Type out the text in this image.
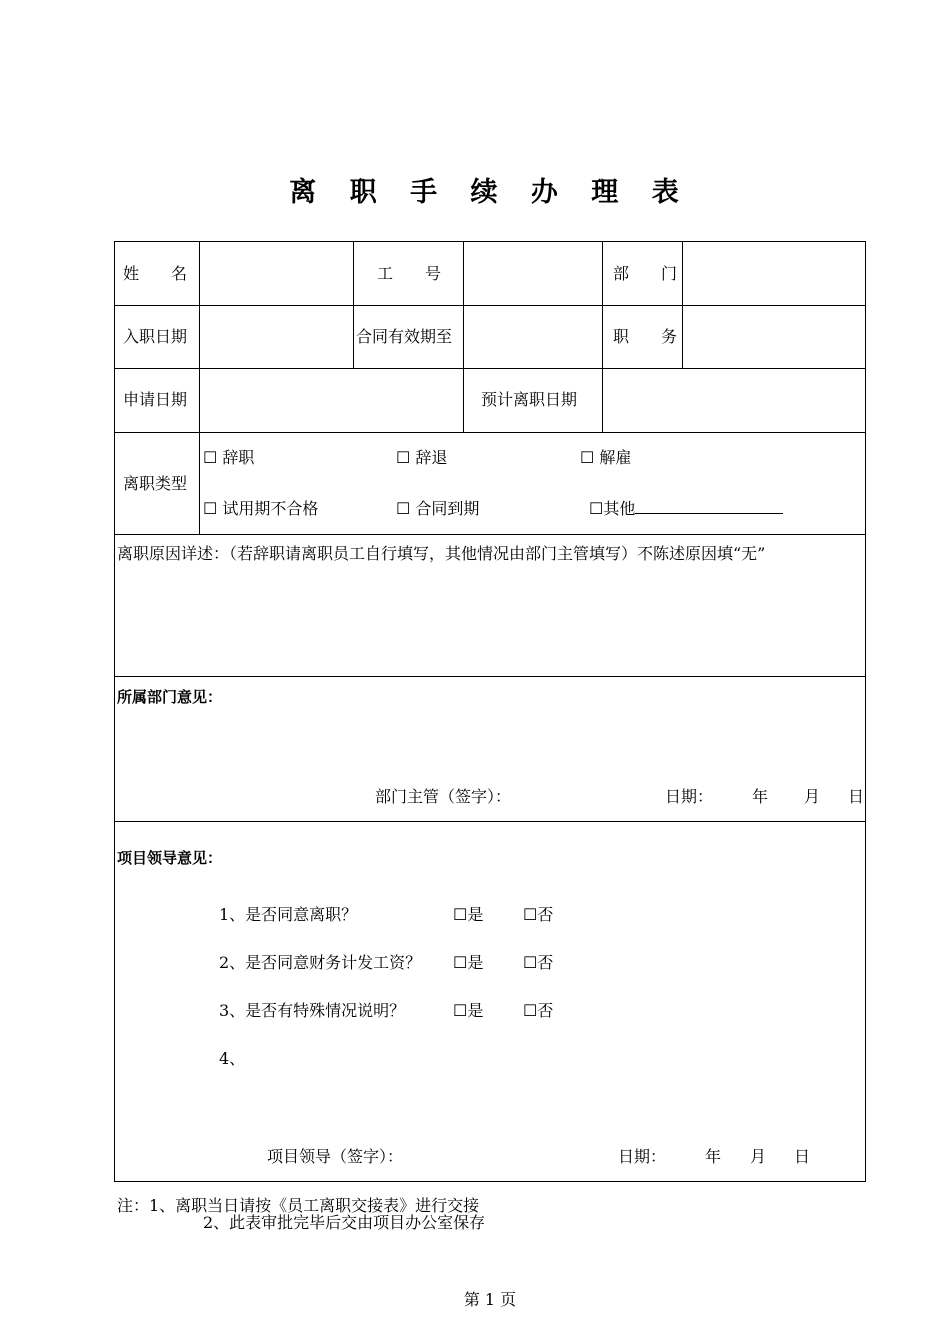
离 职 手 续 办 理 表
姓　　名	工　　号	部　　门
入职日期	合同有效期至	职　　务
申请日期	预计离职日期
离职类型
☐ 辞职	☐ 辞退	☐ 解雇
☐ 试用期不合格	☐ 合同到期	☐其他
离职原因详述：（若辞职请离职员工自行填写，其他情况由部门主管填写）不陈述原因填“无”
所属部门意见：
部门主管（签字）：	日期： 年 月 日
项目领导意见：
1、是否同意离职？	☐是 ☐否
2、是否同意财务计发工资？ ☐是 ☐否
3、是否有特殊情况说明？	☐是 ☐否
4、
项目领导（签字）：	日期： 年 月 日
注：1、离职当日请按《员工离职交接表》进行交接
2、此表审批完毕后交由项目办公室保存
第 1 页
